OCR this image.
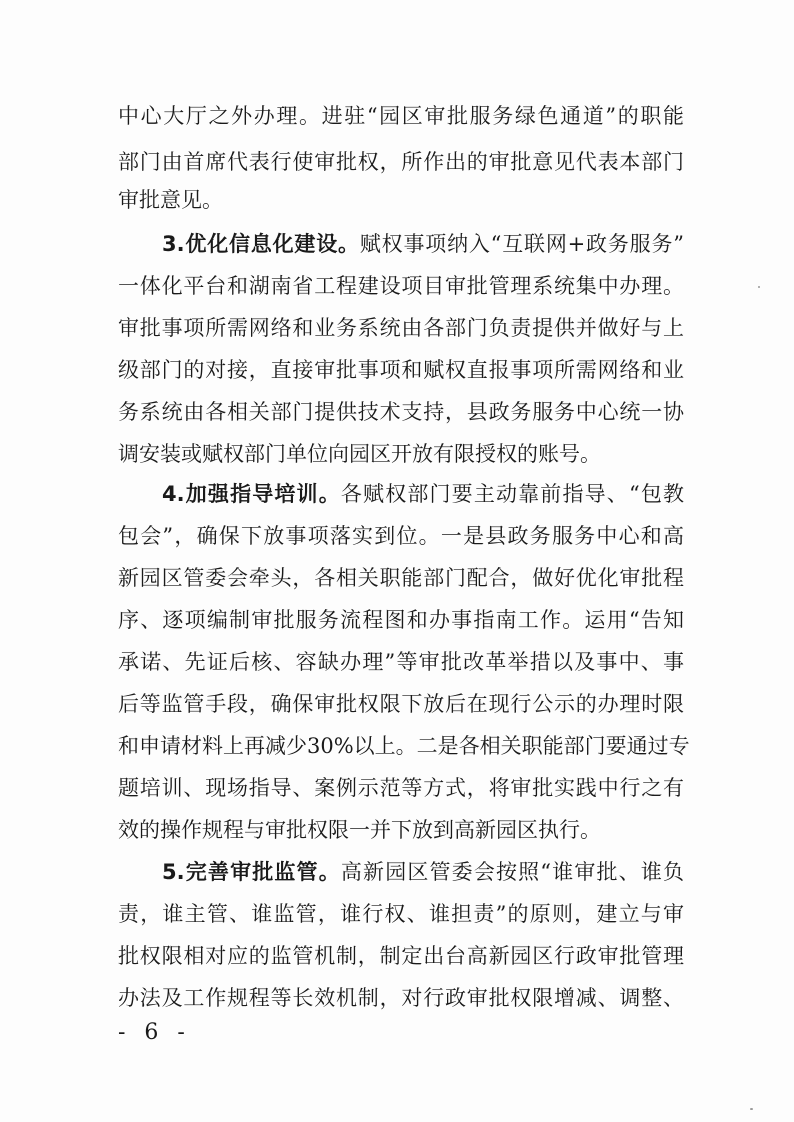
中心大厅之外办理。进驻“园区审批服务绿色通道”的职能
部门由首席代表行使审批权，所作出的审批意见代表本部门
审批意见。
3.优化信息化建设。赋权事项纳入“互联网+政务服务”
一体化平台和湖南省工程建设项目审批管理系统集中办理。
审批事项所需网络和业务系统由各部门负责提供并做好与上
级部门的对接，直接审批事项和赋权直报事项所需网络和业
务系统由各相关部门提供技术支持，县政务服务中心统一协
调安装或赋权部门单位向园区开放有限授权的账号。
4.加强指导培训。各赋权部门要主动靠前指导、“包教
包会”，确保下放事项落实到位。一是县政务服务中心和高
新园区管委会牵头，各相关职能部门配合，做好优化审批程
序、逐项编制审批服务流程图和办事指南工作。运用“告知
承诺、先证后核、容缺办理”等审批改革举措以及事中、事
后等监管手段，确保审批权限下放后在现行公示的办理时限
和申请材料上再减少30%以上。二是各相关职能部门要通过专
题培训、现场指导、案例示范等方式，将审批实践中行之有
效的操作规程与审批权限一并下放到高新园区执行。
5.完善审批监管。高新园区管委会按照“谁审批、谁负
责，谁主管、谁监管，谁行权、谁担责”的原则，建立与审
批权限相对应的监管机制，制定出台高新园区行政审批管理
办法及工作规程等长效机制，对行政审批权限增减、调整、
- 6 -
